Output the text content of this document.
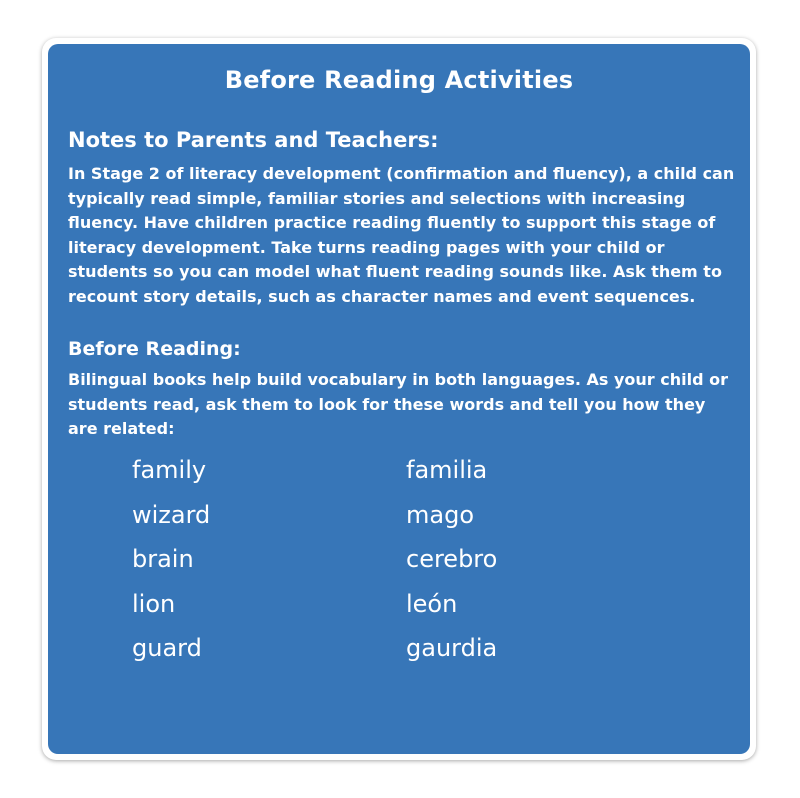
Before Reading Activities
Notes to Parents and Teachers:
In Stage 2 of literacy development (confirmation and fluency), a child can typically read simple, familiar stories and selections with increasing fluency. Have children practice reading fluently to support this stage of literacy development. Take turns reading pages with your child or students so you can model what fluent reading sounds like. Ask them to recount story details, such as character names and event sequences.
Before Reading:
Bilingual books help build vocabulary in both languages. As your child or students read, ask them to look for these words and tell you how they are related:
family	familia
wizard	mago
brain	cerebro
lion	león
guard	gaurdia
